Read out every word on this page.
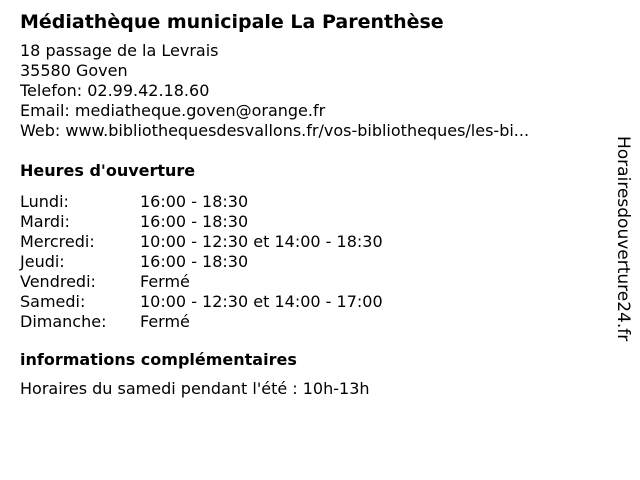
Médiathèque municipale La Parenthèse
18 passage de la Levrais
35580 Goven
Telefon: 02.99.42.18.60
Email: mediatheque.goven@orange.fr
Web: www.bibliothequesdesvallons.fr/vos-bibliotheques/les-bi...
Heures d'ouverture
Lundi:	16:00 - 18:30
Mardi:	16:00 - 18:30
Mercredi:	10:00 - 12:30 et 14:00 - 18:30
Jeudi:	16:00 - 18:30
Vendredi:	Fermé
Samedi:	10:00 - 12:30 et 14:00 - 17:00
Dimanche:	Fermé
informations complémentaires
Horaires du samedi pendant l'été : 10h-13h
Horairesdouverture24.fr
